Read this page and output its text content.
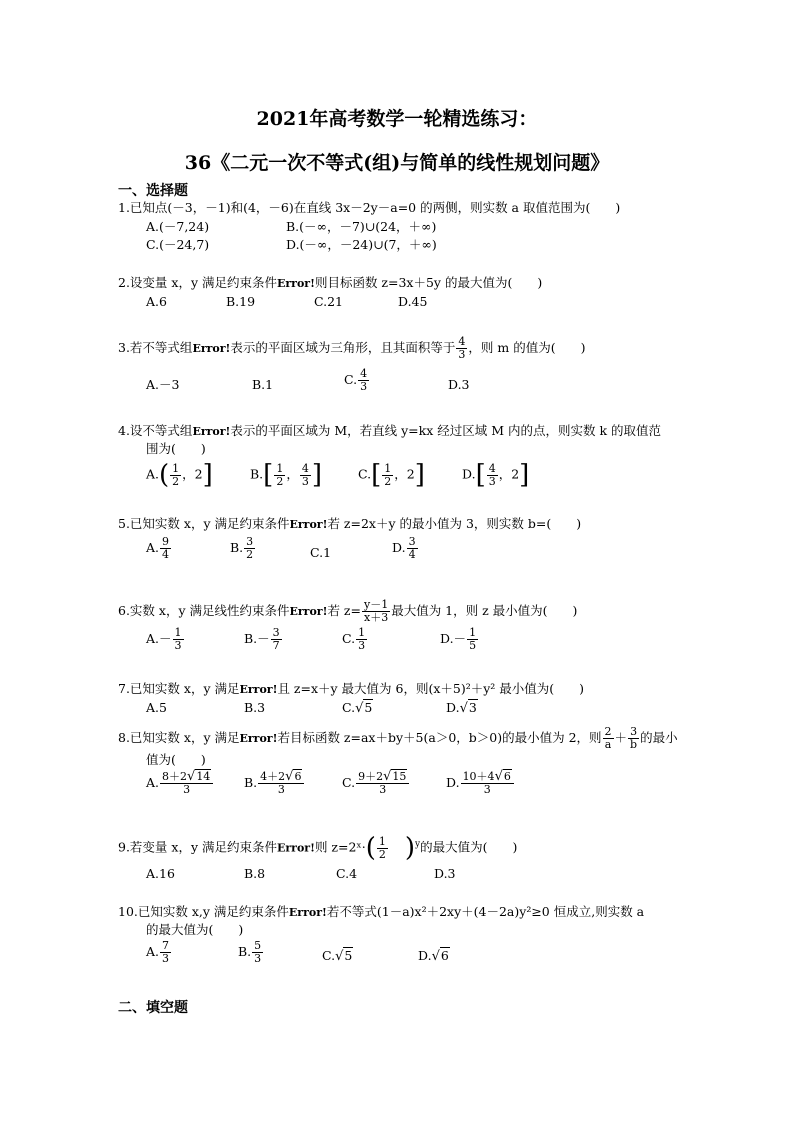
2021年高考数学一轮精选练习：
36《二元一次不等式(组)与简单的线性规划问题》
一、选择题
1.已知点(－3，－1)和(4，－6)在直线 3x－2y－a=0 的两侧，则实数 a 取值范围为(　　)
A.(－7,24)	B.(－∞，－7)∪(24，＋∞)
C.(－24,7)	D.(－∞，－24)∪(7，＋∞)
2.设变量 x，y 满足约束条件Error!则目标函数 z=3x＋5y 的最大值为(　　)
A.6	B.19	C.21	D.45
3.若不等式组Error!表示的平面区域为三角形，且其面积等于 $\frac{4}{3}$ ，则 m 的值为(　　)
A.－3	B.1	C. $\frac{4}{3}$	D.3
4.设不等式组Error!表示的平面区域为 M，若直线 y=kx 经过区域 M 内的点，则实数 k 的取值范
围为(　　)
$A.( \frac{1}{2}$ ，2]	$B.[ \frac{1}{2}$ ， $\frac{4}{3}$ ]	$C.[ \frac{1}{2}$ ，2]	$D.[ \frac{4}{3}$ ，2]
5.已知实数 x，y 满足约束条件Error!若 z=2x＋y 的最小值为 3，则实数 b=(　　)
A. $\frac{9}{4}$	B. $\frac{3}{2}$	C.1	D. $\frac{3}{4}$
6.实数 x，y 满足线性约束条件Error!若 $z= \frac{y-1}{x+3}$ 最大值为 1，则 z 最小值为(　　)
$A.- \frac{1}{3}$	$B.- \frac{3}{7}$	C. $\frac{1}{3}$	$D.- \frac{1}{5}$
7.已知实数 x，y 满足Error!且 z=x＋y 最大值为 6，则(x＋5)²＋y² 最小值为(　　)
A.5	B.3	C.√5	D.√3
8.已知实数 x，y 满足Error!若目标函数 z=ax＋by＋5(a＞0，b＞0)的最小值为 2，则 $\frac{2}{a} + \frac{3}{b}$ 的最小
值为(　　)
A. $\frac{8+2√14}{3} B$. $\frac{4+2√6}{3}$	C. $\frac{9+2√15}{3}$	D. $\frac{10+4√6}{3}$
9.若变量 x，y 满足约束条件Error!则 z=2ˣ·( $\frac{1}{2} )^y$的最大值为(　　)
A.16	B.8	C.4	D.3
10.已知实数 x,y 满足约束条件Error!若不等式(1－a)x²＋2xy＋(4－2a)y²≥0 恒成立,则实数 a
的最大值为(　　)
A. $\frac{7}{3}$	B. $\frac{5}{3}$	C.√5	D.√6
二、填空题
